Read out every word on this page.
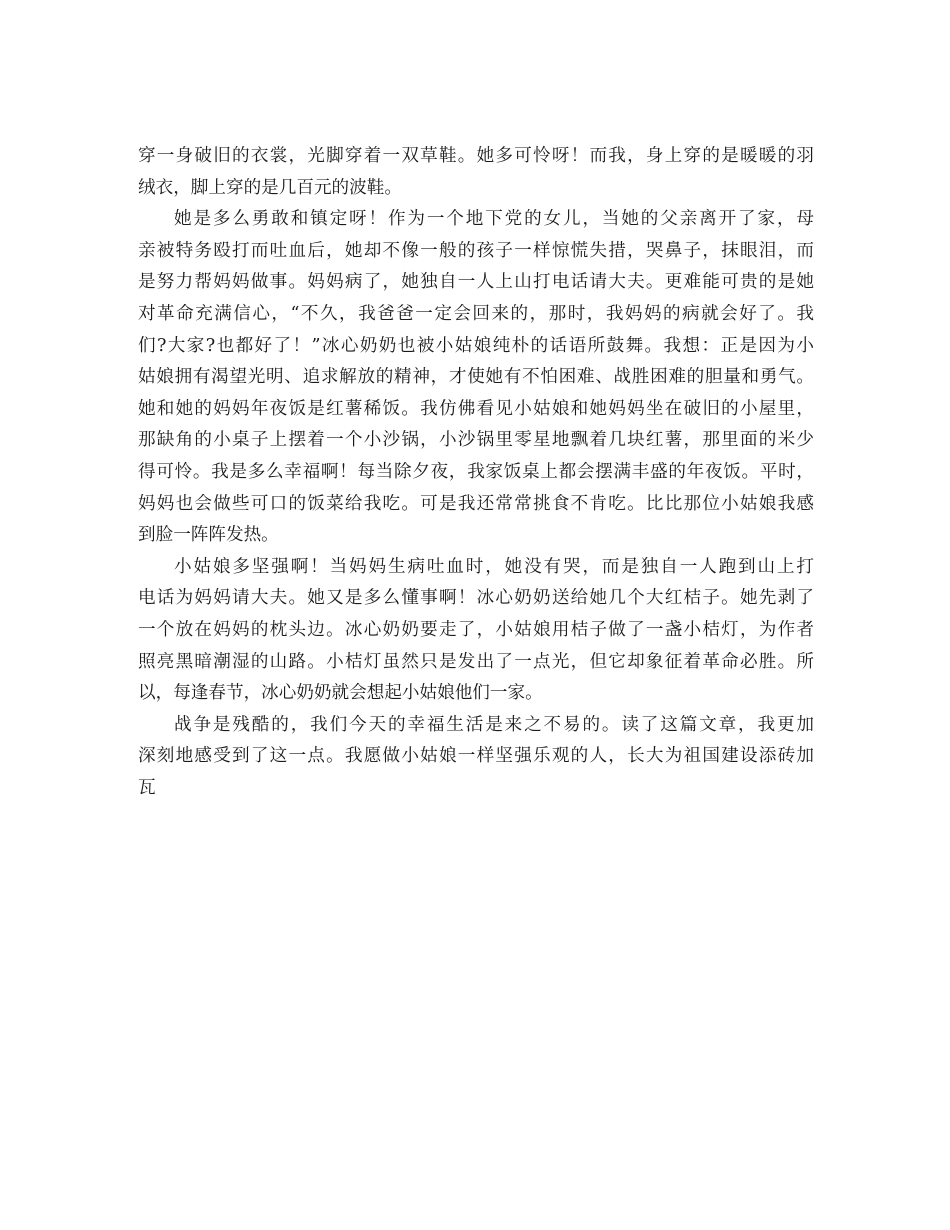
穿一身破旧的衣裳，光脚穿着一双草鞋。她多可怜呀！而我，身上穿的是暖暖的羽
绒衣，脚上穿的是几百元的波鞋。

她是多么勇敢和镇定呀！作为一个地下党的女儿，当她的父亲离开了家，母
亲被特务殴打而吐血后，她却不像一般的孩子一样惊慌失措，哭鼻子，抹眼泪，而
是努力帮妈妈做事。妈妈病了，她独自一人上山打电话请大夫。更难能可贵的是她
对革命充满信心，“不久，我爸爸一定会回来的，那时，我妈妈的病就会好了。我
们?大家?也都好了！”冰心奶奶也被小姑娘纯朴的话语所鼓舞。我想：正是因为小
姑娘拥有渴望光明、追求解放的精神，才使她有不怕困难、战胜困难的胆量和勇气。
她和她的妈妈年夜饭是红薯稀饭。我仿佛看见小姑娘和她妈妈坐在破旧的小屋里，
那缺角的小桌子上摆着一个小沙锅，小沙锅里零星地飘着几块红薯，那里面的米少
得可怜。我是多么幸福啊！每当除夕夜，我家饭桌上都会摆满丰盛的年夜饭。平时，
妈妈也会做些可口的饭菜给我吃。可是我还常常挑食不肯吃。比比那位小姑娘我感
到脸一阵阵发热。

小姑娘多坚强啊！当妈妈生病吐血时，她没有哭，而是独自一人跑到山上打
电话为妈妈请大夫。她又是多么懂事啊！冰心奶奶送给她几个大红桔子。她先剥了
一个放在妈妈的枕头边。冰心奶奶要走了，小姑娘用桔子做了一盏小桔灯，为作者
照亮黑暗潮湿的山路。小桔灯虽然只是发出了一点光，但它却象征着革命必胜。所
以，每逢春节，冰心奶奶就会想起小姑娘他们一家。

战争是残酷的，我们今天的幸福生活是来之不易的。读了这篇文章，我更加
深刻地感受到了这一点。我愿做小姑娘一样坚强乐观的人，长大为祖国建设添砖加
瓦
